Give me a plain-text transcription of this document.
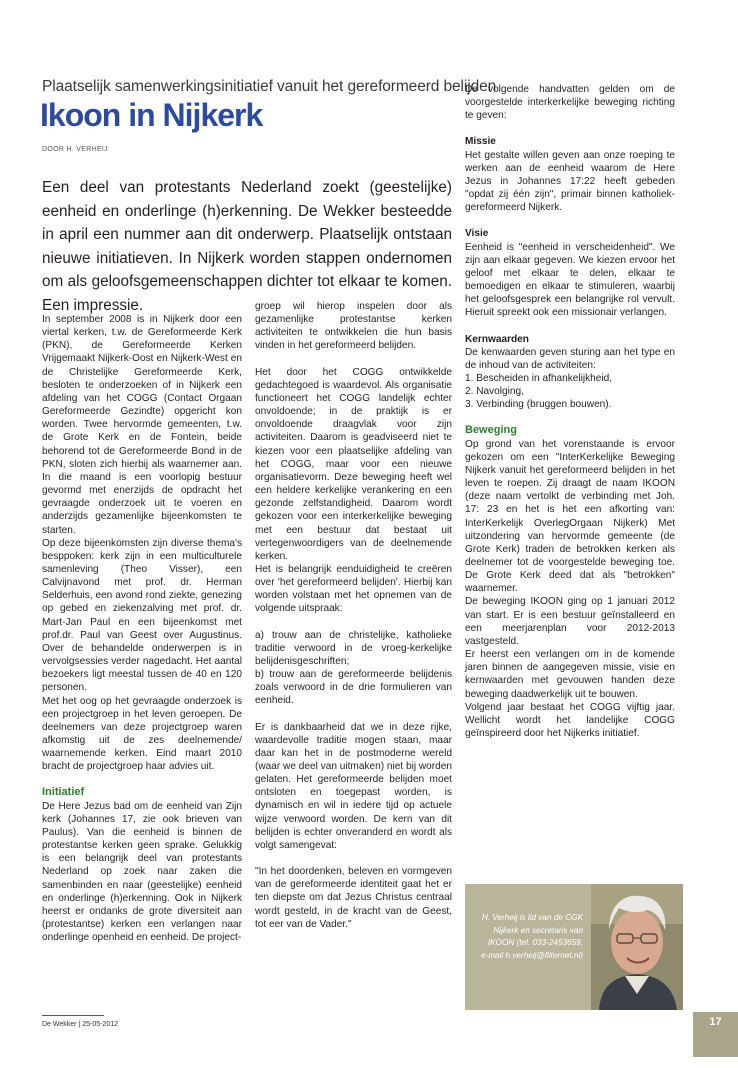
Plaatselijk samenwerkingsinitiatief vanuit het gereformeerd belijden
Ikoon in Nijkerk
DOOR H. VERHEIJ
Een deel van protestants Nederland zoekt (geestelijke) eenheid en onderlinge (h)erkenning. De Wekker besteedde in april een nummer aan dit onderwerp. Plaatselijk ontstaan nieuwe initiatieven. In Nijkerk worden stappen ondernomen om als geloofsgemeenschappen dichter tot elkaar te komen. Een impressie.

In september 2008 is in Nijkerk door een viertal kerken, t.w. de Gereformeerde Kerk (PKN), de Gereformeerde Kerken Vrijgemaakt Nijkerk-Oost en Nijkerk-West en de Christelijke Gereformeerde Kerk, besloten te onderzoeken of in Nijkerk een afdeling van het COGG (Contact Orgaan Gereformeerde Gezindte) opgericht kon worden. Twee hervormde gemeenten, t.w. de Grote Kerk en de Fontein, beide behorend tot de Gereformeerde Bond in de PKN, sloten zich hierbij als waarnemer aan. In die maand is een voorlopig bestuur gevormd met enerzijds de opdracht het gevraagde onderzoek uit te voeren en anderzijds gezamenlijke bijeenkomsten te starten.

Op deze bijeenkomsten zijn diverse thema's bespроken: kerk zijn in een multiculturele samenleving (Theo Visser), een Calvijnavond met prof. dr. Herman Selderhuis, een avond rond ziekte, genezing op gebed en ziekenzalving met prof. dr. Mart-Jan Paul en een bijeenkomst met prof.dr. Paul van Geest over Augustinus. Over de behandelde onderwerpen is in vervolgsessies verder nagedacht. Het aantal bezoekers ligt meestal tussen de 40 en 120 personen.

Met het oog op het gevraagde onderzoek is een projectgroep in het leven geroepen. De deelnemers van deze projectgroep waren afkomstig uit de zes deelnemende/ waarnemende kerken. Eind maart 2010 bracht de projectgroep haar advies uit.

Initiatief

De Here Jezus bad om de eenheid van Zijn kerk (Johannes 17, zie ook brieven van Paulus). Van die eenheid is binnen de protestantse kerken geen sprake. Gelukkig is een belangrijk deel van protestants Nederland op zoek naar zaken die samenbinden en naar (geestelijke) eenheid en onderlinge (h)erkenning. Ook in Nijkerk heerst er ondanks de grote diversiteit aan (protestantse) kerken een verlangen naar onderlinge openheid en eenheid. De project-

groep wil hierop inspelen door als gezamenlijke protestantse kerken activiteiten te ontwikkelen die hun basis vinden in het gereformeerd belijden.

Het door het COGG ontwikkelde gedachtegoed is waardevol. Als organisatie functioneert het COGG landelijk echter onvoldoende; in de praktijk is er onvoldoende draagvlak voor zijn activiteiten. Daarom is geadviseerd niet te kiezen voor een plaatselijke afdeling van het COGG, maar voor een nieuwe organisatievorm. Deze beweging heeft wel een heldere kerkelijke verankering en een gezonde zelfstandigheid. Daarom wordt gekozen voor een interkerkelijke beweging met een bestuur dat bestaat uit vertegenwoordigers van de deelnemende kerken.

Het is belangrijk eenduidigheid te creëren over 'het gereformeerd belijden'. Hierbij kan worden volstaan met het opnemen van de volgende uitspraak:

a) trouw aan de christelijke, katholieke traditie verwoord in de vroeg-kerkelijke belijdenisgeschriften;

b) trouw aan de gereformeerde belijdenis zoals verwoord in de drie formulieren van eenheid.

Er is dankbaarheid dat we in deze rijke, waardevolle traditie mogen staan, maar daar kan het in de postmoderne wereld (waar we deel van uitmaken) niet bij worden gelaten. Het gereformeerde belijden moet ontsloten en toegepast worden, is dynamisch en wil in iedere tijd op actuele wijze verwoord worden. De kern van dit belijden is echter onveranderd en wordt als volgt samengevat:

"In het doordenken, beleven en vormgeven van de gereformeerde identiteit gaat het er ten diepste om dat Jezus Christus centraal wordt gesteld, in de kracht van de Geest, tot eer van de Vader."

De volgende handvatten gelden om de voorgestelde interkerkelijke beweging richting te geven:

Missie

Het gestalte willen geven aan onze roeping te werken aan de eenheid waarom de Here Jezus in Johannes 17:22 heeft gebeden "opdat zij één zijn", primair binnen katholiek-gereformeerd Nijkerk.

Visie

Eenheid is "eenheid in verscheidenheid". We zijn aan elkaar gegeven. We kiezen ervoor het geloof met elkaar te delen, elkaar te bemoedigen en elkaar te stimuleren, waarbij het geloofsgesprek een belangrijke rol vervult. Hieruit spreekt ook een missionair verlangen.

Kernwaarden

De kenwaarden geven sturing aan het type en de inhoud van de activiteiten:

1. Bescheiden in afhankelijkheid,

2. Navolging,

3. Verbinding (bruggen bouwen).

Beweging

Op grond van het vorenstaande is ervoor gekozen om een "InterKerkelijke Beweging Nijkerk vanuit het gereformeerd belijden in het leven te roepen. Zij draagt de naam IKOON (deze naam vertolkt de verbinding met Joh. 17: 23 en het is het een afkorting van: InterKerkelijk OverlegOrgaan Nijkerk) Met uitzondering van hervormde gemeente (de Grote Kerk) traden de betrokken kerken als deelnemer tot de voorgestelde beweging toe. De Grote Kerk deed dat als "betrokken" waarnemer.

De beweging IKOON ging op 1 januari 2012 van start. Er is een bestuur geïnstalleerd en een meerjarenplan voor 2012-2013 vastgesteld.

Er heerst een verlangen om in de komende jaren binnen de aangegeven missie, visie en kernwaarden met gevouwen handen deze beweging daadwerkelijk uit te bouwen.

Volgend jaar bestaat het COGG vijftig jaar. Wellicht wordt het landelijke COGG geïnspireerd door het Nijkerks initiatief.

H. Verheij is lid van de CGK
Nijkerk en secretaris van
IKOON (tel. 033-2453659,
e-mail h.verheij@filternet.nl)
De Wekker | 25-05-2012	17
